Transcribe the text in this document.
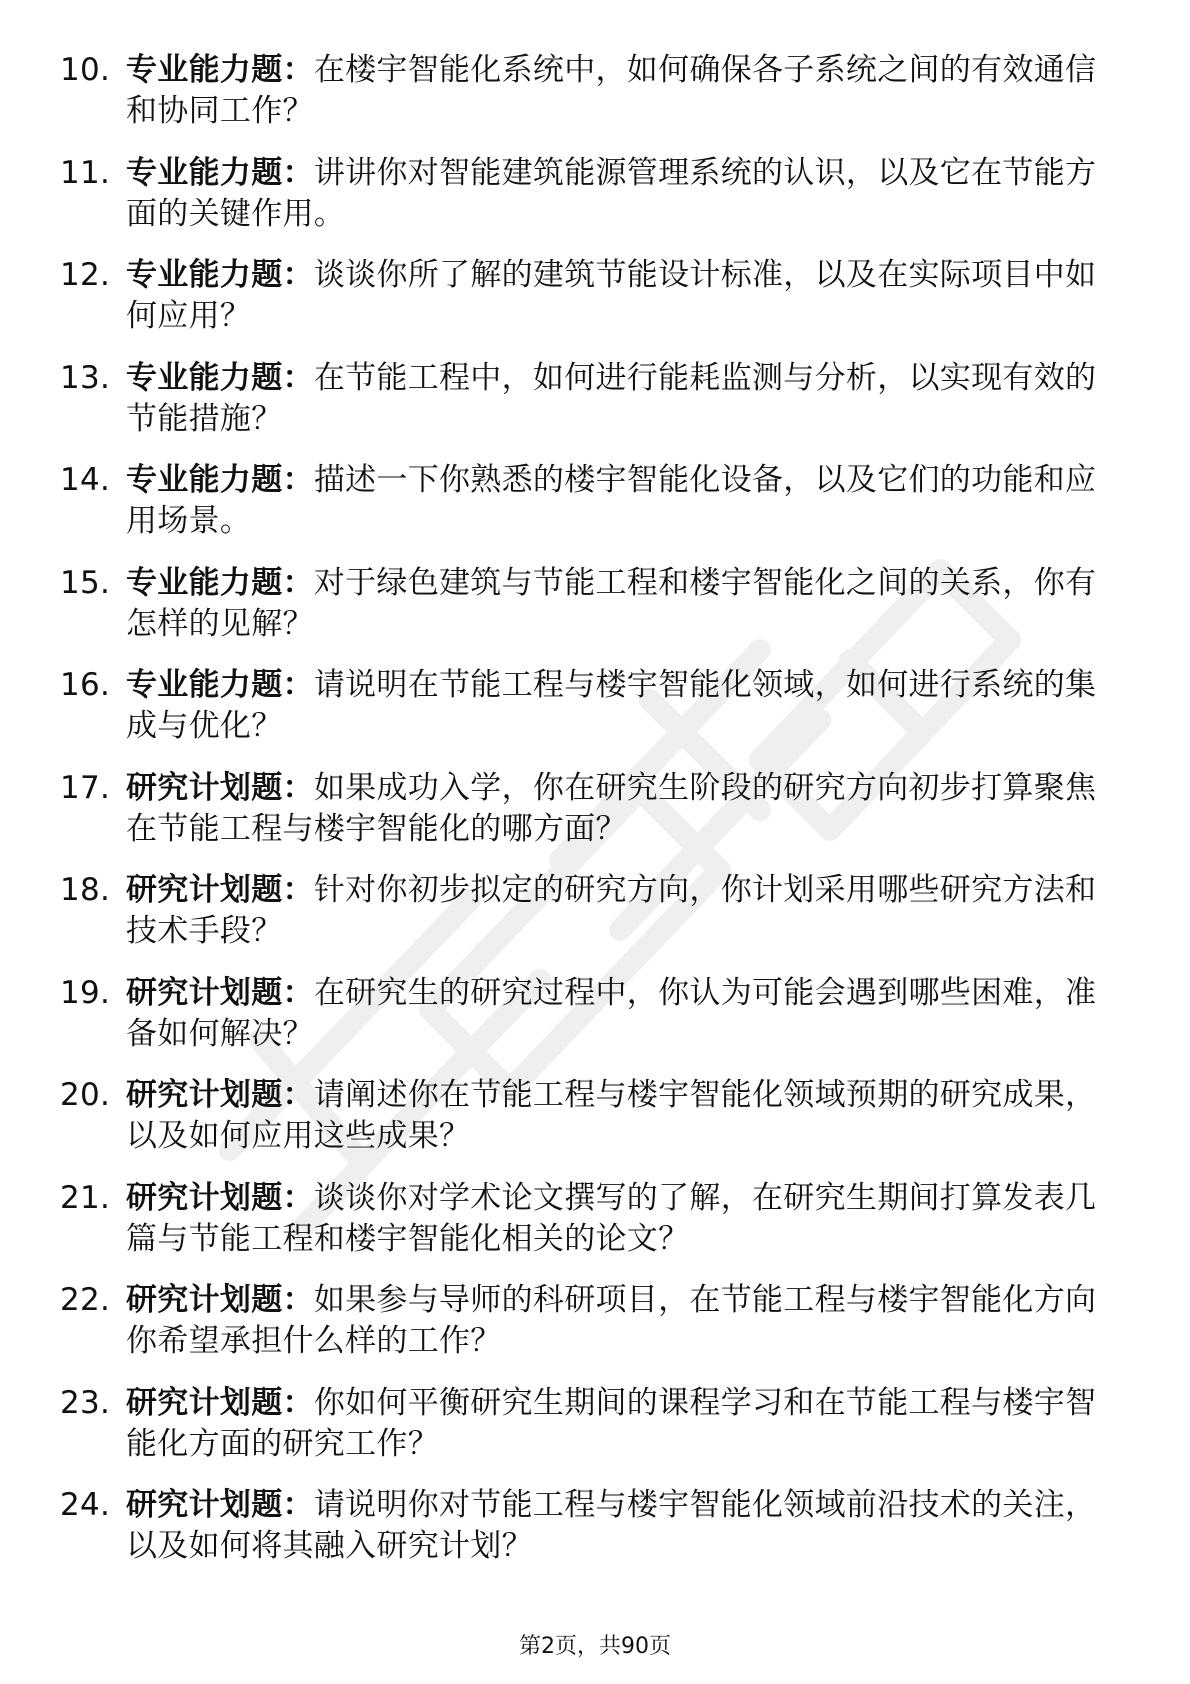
10. 专业能力题：在楼宇智能化系统中，如何确保各子系统之间的有效通信和协同工作？
11. 专业能力题：讲讲你对智能建筑能源管理系统的认识，以及它在节能方面的关键作用。
12. 专业能力题：谈谈你所了解的建筑节能设计标准，以及在实际项目中如何应用？
13. 专业能力题：在节能工程中，如何进行能耗监测与分析，以实现有效的节能措施？
14. 专业能力题：描述一下你熟悉的楼宇智能化设备，以及它们的功能和应用场景。
15. 专业能力题：对于绿色建筑与节能工程和楼宇智能化之间的关系，你有怎样的见解？
16. 专业能力题：请说明在节能工程与楼宇智能化领域，如何进行系统的集成与优化？
17. 研究计划题：如果成功入学，你在研究生阶段的研究方向初步打算聚焦在节能工程与楼宇智能化的哪方面？
18. 研究计划题：针对你初步拟定的研究方向，你计划采用哪些研究方法和技术手段？
19. 研究计划题：在研究生的研究过程中，你认为可能会遇到哪些困难，准备如何解决？
20. 研究计划题：请阐述你在节能工程与楼宇智能化领域预期的研究成果，以及如何应用这些成果？
21. 研究计划题：谈谈你对学术论文撰写的了解，在研究生期间打算发表几篇与节能工程和楼宇智能化相关的论文？
22. 研究计划题：如果参与导师的科研项目，在节能工程与楼宇智能化方向你希望承担什么样的工作？
23. 研究计划题：你如何平衡研究生期间的课程学习和在节能工程与楼宇智能化方面的研究工作？
24. 研究计划题：请说明你对节能工程与楼宇智能化领域前沿技术的关注，以及如何将其融入研究计划？
第2页，共90页
